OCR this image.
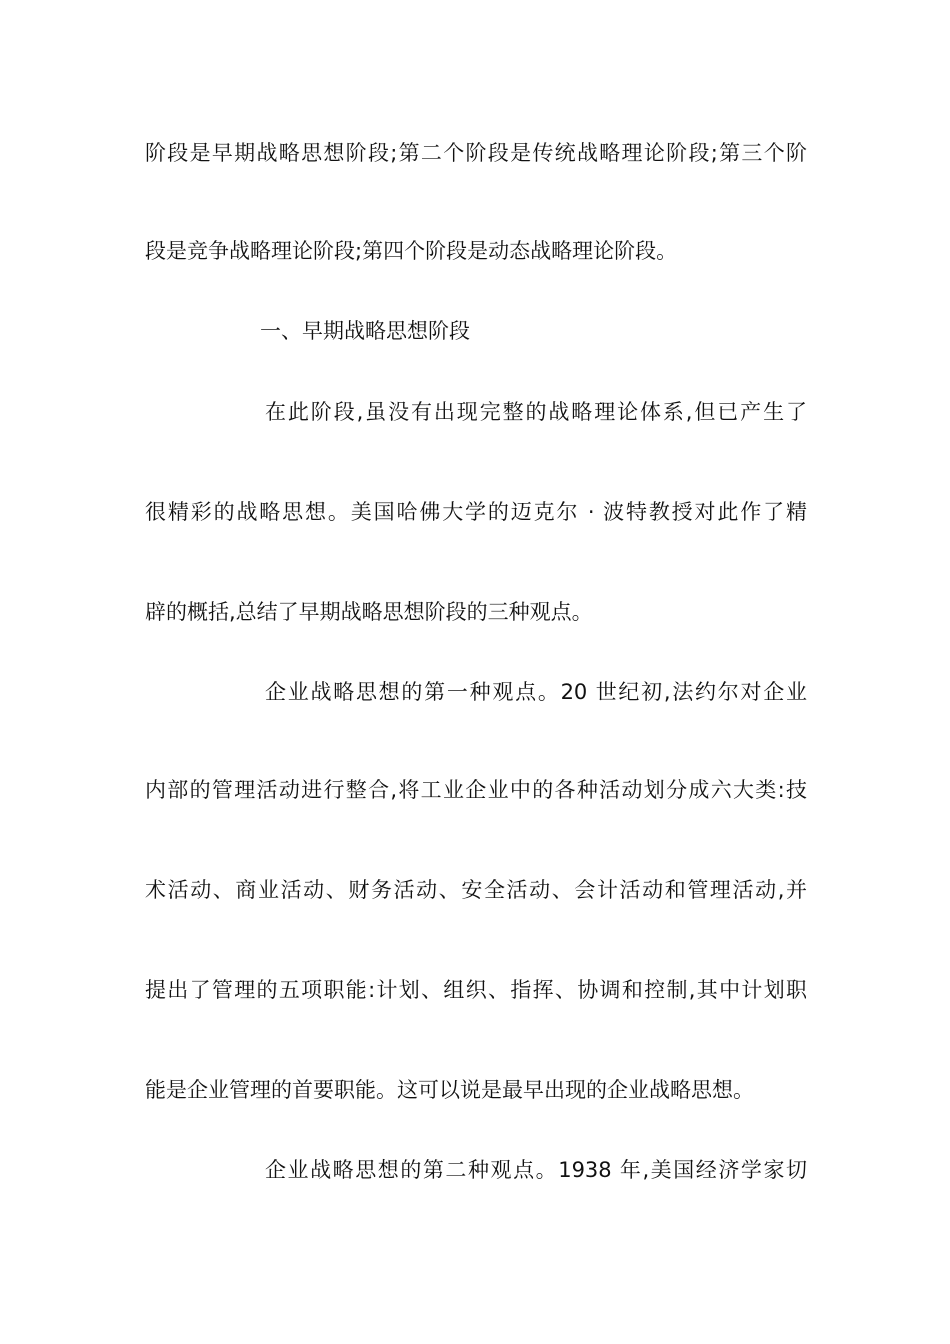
阶段是早期战略思想阶段;第二个阶段是传统战略理论阶段;第三个阶
段是竞争战略理论阶段;第四个阶段是动态战略理论阶段。
一、早期战略思想阶段
在此阶段,虽没有出现完整的战略理论体系,但已产生了
很精彩的战略思想。美国哈佛大学的迈克尔 · 波特教授对此作了精
辟的概括,总结了早期战略思想阶段的三种观点。
企业战略思想的第一种观点。20 世纪初,法约尔对企业
内部的管理活动进行整合,将工业企业中的各种活动划分成六大类:技
术活动、商业活动、财务活动、安全活动、会计活动和管理活动,并
提出了管理的五项职能:计划、组织、指挥、协调和控制,其中计划职
能是企业管理的首要职能。这可以说是最早出现的企业战略思想。
企业战略思想的第二种观点。1938 年,美国经济学家切
